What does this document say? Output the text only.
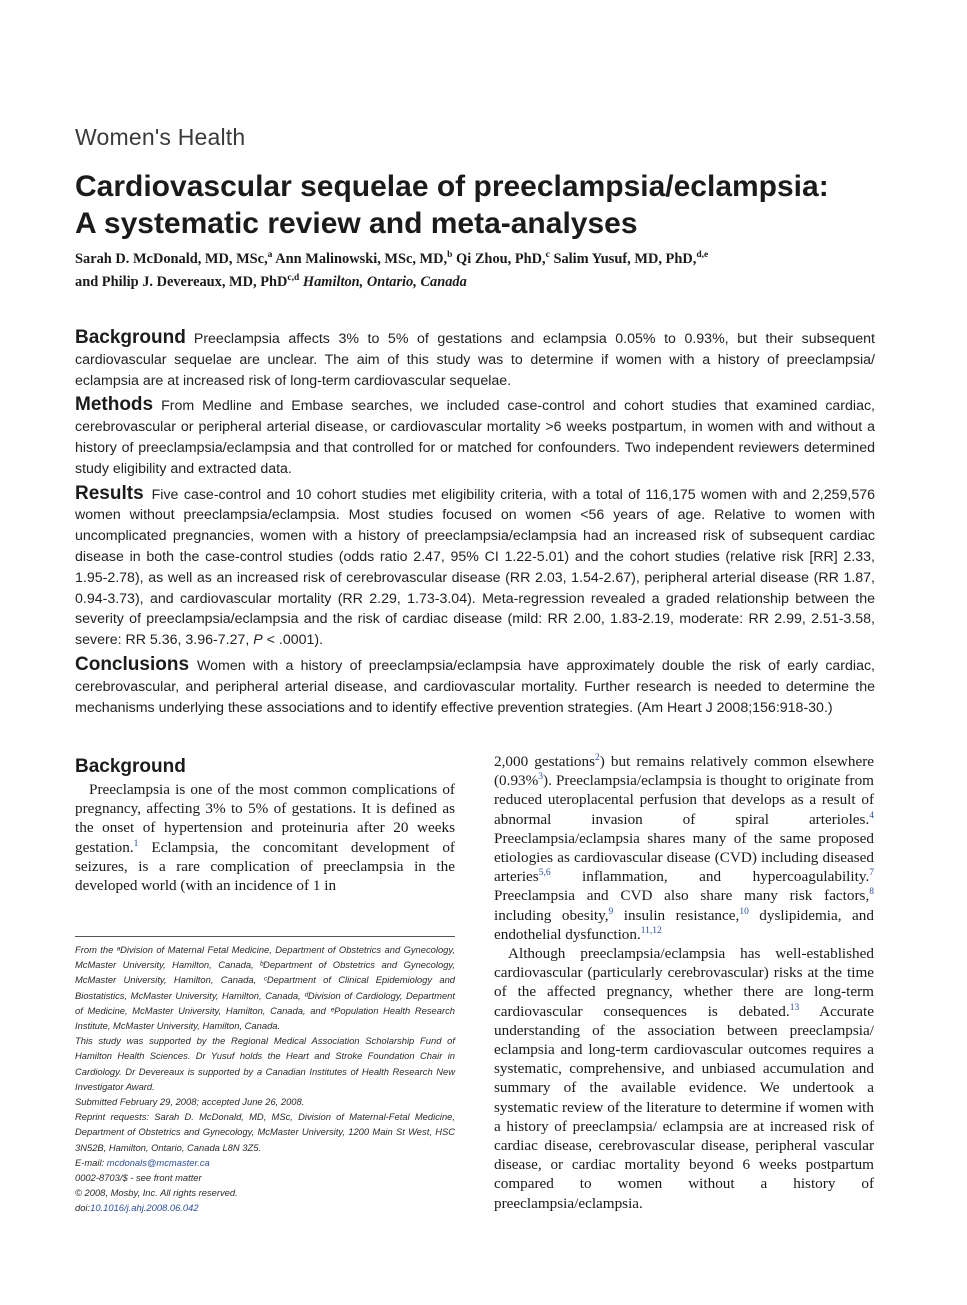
Women's Health
Cardiovascular sequelae of preeclampsia/eclampsia:
A systematic review and meta-analyses
Sarah D. McDonald, MD, MSc,$^a$ Ann Malinowski, MSc, MD,$^b$ Qi Zhou, PhD,$^c$ Salim Yusuf, MD, PhD,$^{d,e}$
and Philip J. Devereaux, MD, PhD$^{c,d}$ Hamilton, Ontario, Canada

Background Preeclampsia affects 3% to 5% of gestations and eclampsia 0.05% to 0.93%, but their subsequent cardiovascular sequelae are unclear. The aim of this study was to determine if women with a history of preeclampsia/ eclampsia are at increased risk of long-term cardiovascular sequelae.

Methods From Medline and Embase searches, we included case-control and cohort studies that examined cardiac, cerebrovascular or peripheral arterial disease, or cardiovascular mortality >6 weeks postpartum, in women with and without a history of preeclampsia/eclampsia and that controlled for or matched for confounders. Two independent reviewers determined study eligibility and extracted data.

Results Five case-control and 10 cohort studies met eligibility criteria, with a total of 116,175 women with and 2,259,576 women without preeclampsia/eclampsia. Most studies focused on women <56 years of age. Relative to women with uncomplicated pregnancies, women with a history of preeclampsia/eclampsia had an increased risk of subsequent cardiac disease in both the case-control studies (odds ratio 2.47, 95% CI 1.22-5.01) and the cohort studies (relative risk [RR] 2.33, 1.95-2.78), as well as an increased risk of cerebrovascular disease (RR 2.03, 1.54-2.67), peripheral arterial disease (RR 1.87, 0.94-3.73), and cardiovascular mortality (RR 2.29, 1.73-3.04). Meta-regression revealed a graded relationship between the severity of preeclampsia/eclampsia and the risk of cardiac disease (mild: RR 2.00, 1.83-2.19, moderate: RR 2.99, 2.51-3.58, severe: RR 5.36, 3.96-7.27, P < .0001).

Conclusions Women with a history of preeclampsia/eclampsia have approximately double the risk of early cardiac, cerebrovascular, and peripheral arterial disease, and cardiovascular mortality. Further research is needed to determine the mechanisms underlying these associations and to identify effective prevention strategies. (Am Heart J 2008;156:918-30.)

Background

Preeclampsia is one of the most common complications of pregnancy, affecting 3% to 5% of gestations. It is defined as the onset of hypertension and proteinuria after 20 weeks gestation.$^1$ Eclampsia, the concomitant development of seizures, is a rare complication of preeclampsia in the developed world (with an incidence of 1 in

From the ᵃDivision of Maternal Fetal Medicine, Department of Obstetrics and Gynecology, McMaster University, Hamilton, Canada, ᵇDepartment of Obstetrics and Gynecology, McMaster University, Hamilton, Canada, ᶜDepartment of Clinical Epidemiology and Biostatistics, McMaster University, Hamilton, Canada, ᵈDivision of Cardiology, Department of Medicine, McMaster University, Hamilton, Canada, and ᵉPopulation Health Research Institute, McMaster University, Hamilton, Canada.

This study was supported by the Regional Medical Association Scholarship Fund of Hamilton Health Sciences. Dr Yusuf holds the Heart and Stroke Foundation Chair in Cardiology. Dr Devereaux is supported by a Canadian Institutes of Health Research New Investigator Award.

Submitted February 29, 2008; accepted June 26, 2008.

Reprint requests: Sarah D. McDonald, MD, MSc, Division of Maternal-Fetal Medicine, Department of Obstetrics and Gynecology, McMaster University, 1200 Main St West, HSC 3N52B, Hamilton, Ontario, Canada L8N 3Z5.

E-mail: mcdonals@mcmaster.ca

0002-8703/$ - see front matter

© 2008, Mosby, Inc. All rights reserved.

doi:10.1016/j.ahj.2008.06.042

2,000 gestations$^2$) but remains relatively common elsewhere (0.93%$^3$). Preeclampsia/eclampsia is thought to originate from reduced uteroplacental perfusion that develops as a result of abnormal invasion of spiral arterioles.$^4$ Preeclampsia/eclampsia shares many of the same proposed etiologies as cardiovascular disease (CVD) including diseased arteries$^{5,6}$ inflammation, and hypercoagulability.$^7$ Preeclampsia and CVD also share many risk factors,$^8$ including obesity,$^9$ insulin resistance,$^{10}$ dyslipidemia, and endothelial dysfunction.$^{11,12}$

Although preeclampsia/eclampsia has well-established cardiovascular (particularly cerebrovascular) risks at the time of the affected pregnancy, whether there are long-term cardiovascular consequences is debated.$^{13}$ Accurate understanding of the association between preeclampsia/ eclampsia and long-term cardiovascular outcomes requires a systematic, comprehensive, and unbiased accumulation and summary of the available evidence. We undertook a systematic review of the literature to determine if women with a history of preeclampsia/ eclampsia are at increased risk of cardiac disease, cerebrovascular disease, peripheral vascular disease, or cardiac mortality beyond 6 weeks postpartum compared to women without a history of preeclampsia/eclampsia.
